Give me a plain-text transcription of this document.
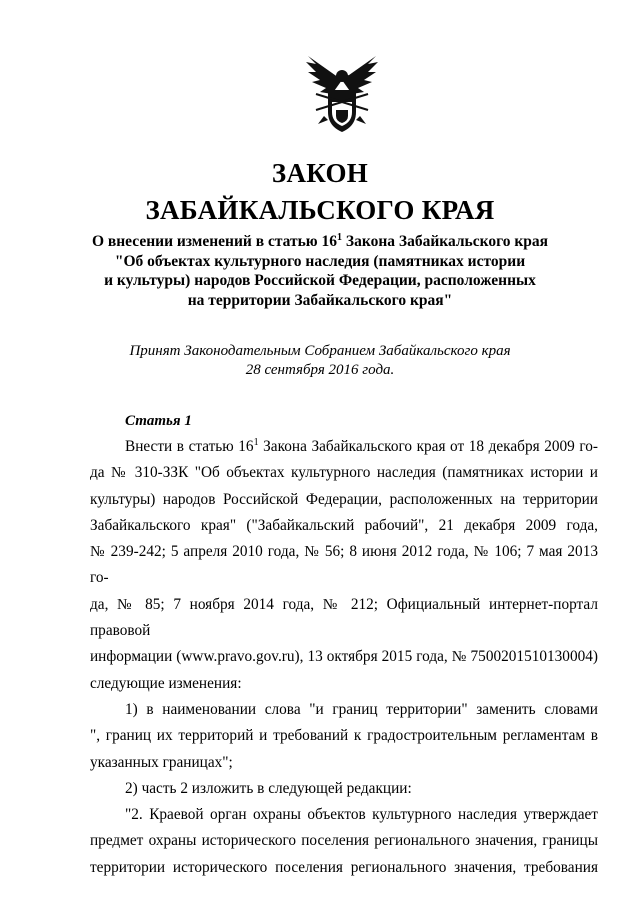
ЗАКОН
ЗАБАЙКАЛЬСКОГО КРАЯ
О внесении изменений в статью $16^1$ Закона Забайкальского края
"Об объектах культурного наследия (памятниках истории
и культуры) народов Российской Федерации, расположенных
на территории Забайкальского края"
Принят Законодательным Собранием Забайкальского края
28 сентября 2016 года.
Статья 1
Внести в статью $16^1$ Закона Забайкальского края от 18 декабря 2009 го-
да № 310-ЗЗК "Об объектах культурного наследия (памятниках истории и
культуры) народов Российской Федерации, расположенных на территории
Забайкальского края" ("Забайкальский рабочий", 21 декабря 2009 года,
№ 239-242; 5 апреля 2010 года, № 56; 8 июня 2012 года, № 106; 7 мая 2013 го-
да, № 85; 7 ноября 2014 года, № 212; Официальный интернет-портал правовой
информации (www.pravo.gov.ru), 13 октября 2015 года, № 7500201510130004)
следующие изменения:
1) в наименовании слова "и границ территории" заменить словами
", границ их территорий и требований к градостроительным регламентам в
указанных границах";
2) часть 2 изложить в следующей редакции:
"2. Краевой орган охраны объектов культурного наследия утверждает
предмет охраны исторического поселения регионального значения, границы
территории исторического поселения регионального значения, требования
